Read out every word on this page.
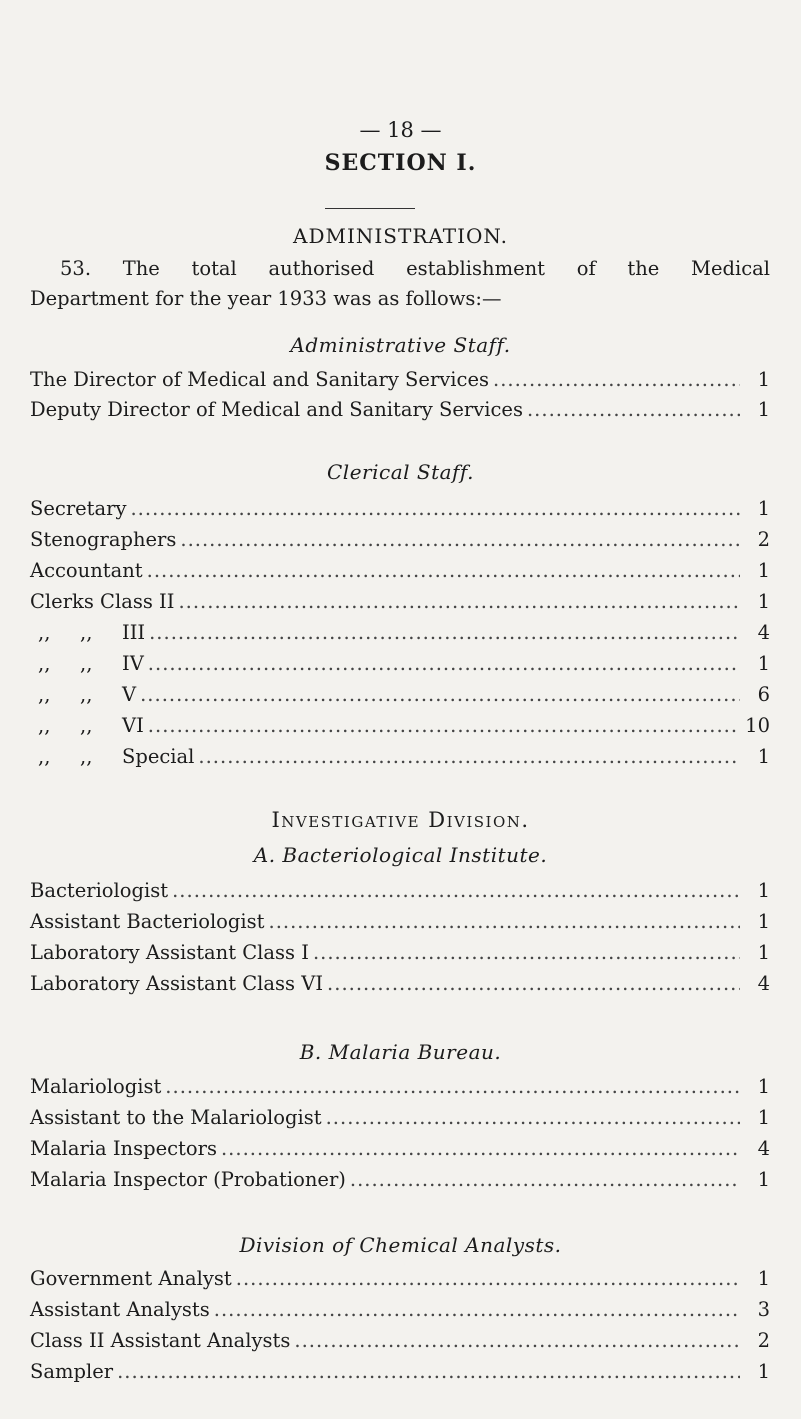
— 18 —
SECTION I.
ADMINISTRATION.
53. The total authorised establishment of the Medical
Department for the year 1933 was as follows:—
Administrative Staff.
The Director of Medical and Sanitary Services .....	1
Deputy Director of Medical and Sanitary Services .....	1
Clerical Staff.
Secretary .....	1
Stenographers .....	2
Accountant .....	1
Clerks Class II .....	1
,, ,, III .....	4
,, ,, IV .....	1
,, ,, V .....	6
,, ,, VI .....	10
,, ,, Special .....	1
Investigative Division.
A. Bacteriological Institute.
Bacteriologist .....	1
Assistant Bacteriologist .....	1
Laboratory Assistant Class I .....	1
Laboratory Assistant Class VI .....	4
B. Malaria Bureau.
Malariologist .....	1
Assistant to the Malariologist .....	1
Malaria Inspectors .....	4
Malaria Inspector (Probationer) .....	1
Division of Chemical Analysts.
Government Analyst .....	1
Assistant Analysts .....	3
Class II Assistant Analysts .....	2
Sampler .....	1
